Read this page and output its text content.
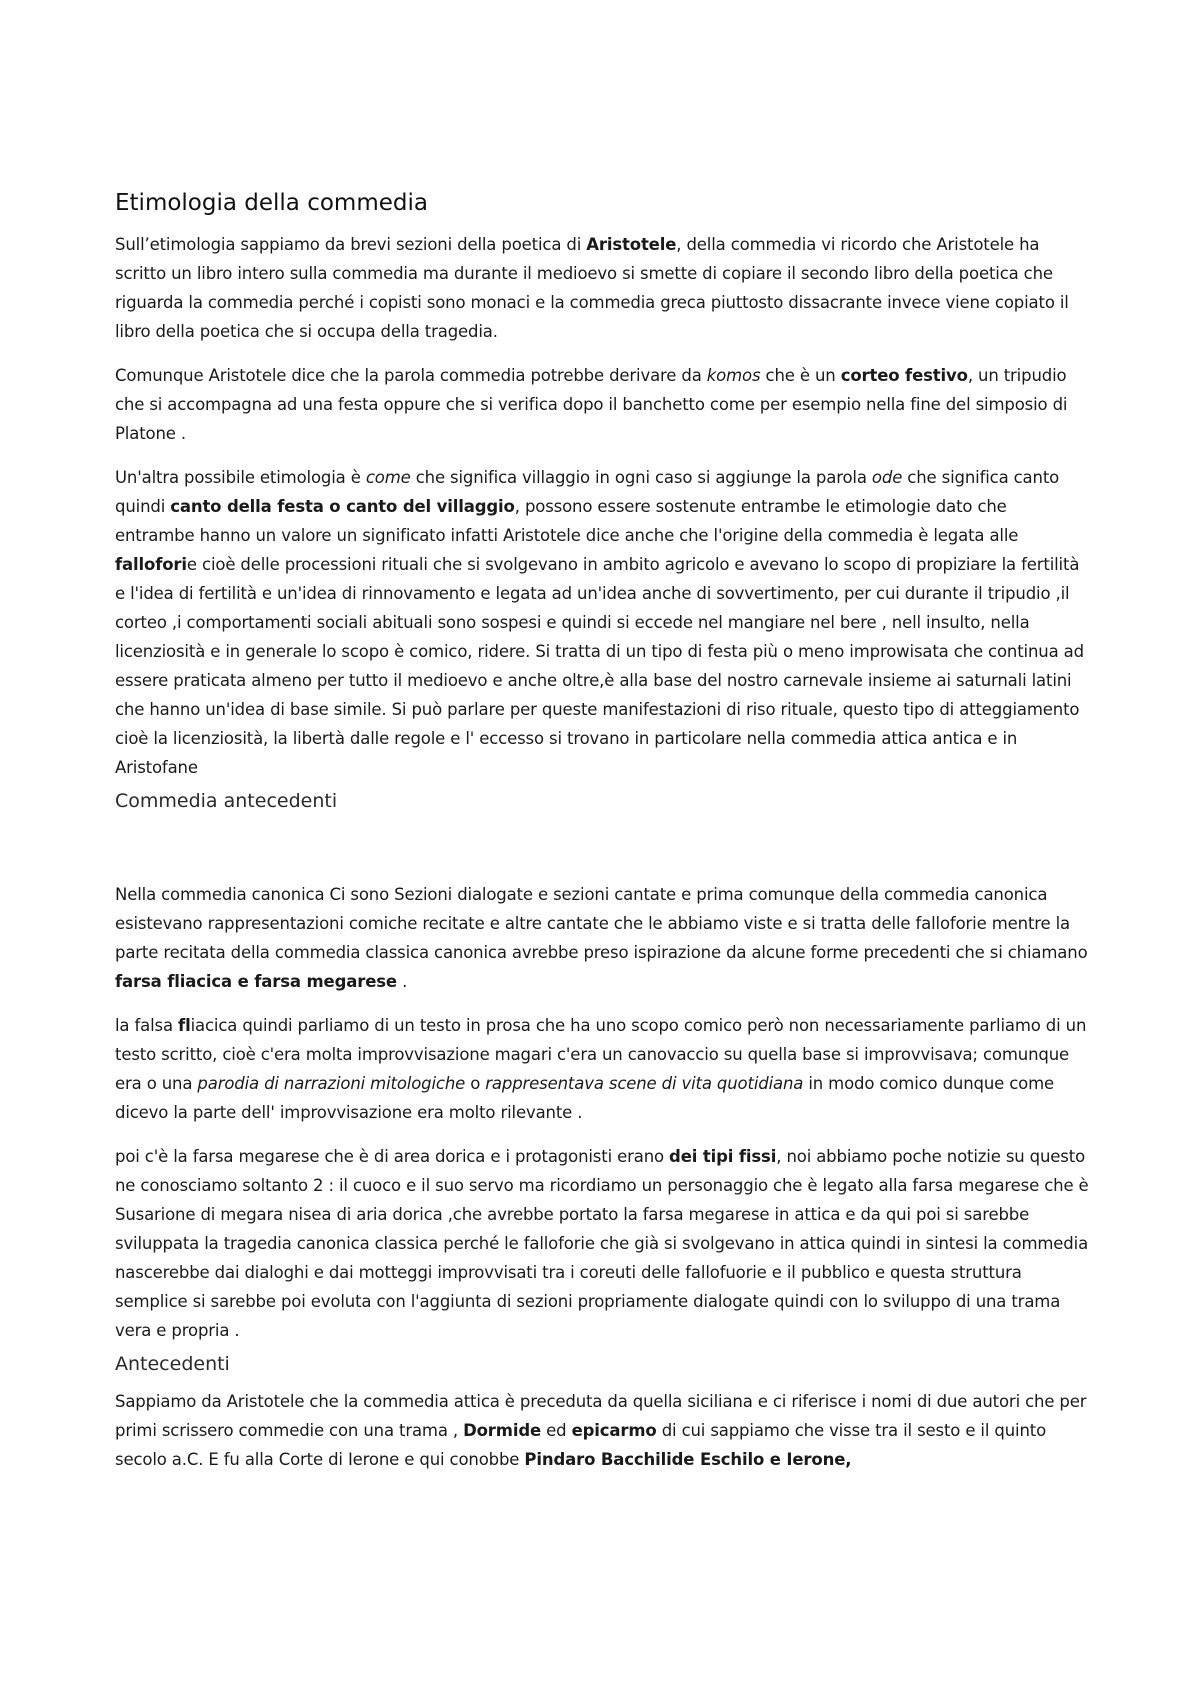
Etimologia della commedia

Sull’etimologia sappiamo da brevi sezioni della poetica di Aristotele, della commedia vi ricordo che Aristotele ha scritto un libro intero sulla commedia ma durante il medioevo si smette di copiare il secondo libro della poetica che riguarda la commedia perché i copisti sono monaci e la commedia greca piuttosto dissacrante invece viene copiato il libro della poetica che si occupa della tragedia.

Comunque Aristotele dice che la parola commedia potrebbe derivare da komos che è un corteo festivo, un tripudio che si accompagna ad una festa oppure che si verifica dopo il banchetto come per esempio nella fine del simposio di Platone .

Un'altra possibile etimologia è come che significa villaggio in ogni caso si aggiunge la parola ode che significa canto quindi canto della festa o canto del villaggio, possono essere sostenute entrambe le etimologie dato che entrambe hanno un valore un significato infatti Aristotele dice anche che l'origine della commedia è legata alle falloforie cioè delle processioni rituali che si svolgevano in ambito agricolo e avevano lo scopo di propiziare la fertilità e l'idea di fertilità e un'idea di rinnovamento e legata ad un'idea anche di sovvertimento, per cui durante il tripudio ,il corteo ,i comportamenti sociali abituali sono sospesi e quindi si eccede nel mangiare nel bere , nell insulto, nella licenziosità e in generale lo scopo è comico, ridere. Si tratta di un tipo di festa più o meno improwisata che continua ad essere praticata almeno per tutto il medioevo e anche oltre,è alla base del nostro carnevale insieme ai saturnali latini che hanno un'idea di base simile. Si può parlare per queste manifestazioni di riso rituale, questo tipo di atteggiamento cioè la licenziosità, la libertà dalle regole e l' eccesso si trovano in particolare nella commedia attica antica e in Aristofane

Commedia antecedenti

Nella commedia canonica Ci sono Sezioni dialogate e sezioni cantate e prima comunque della commedia canonica esistevano rappresentazioni comiche recitate e altre cantate che le abbiamo viste e si tratta delle falloforie mentre la parte recitata della commedia classica canonica avrebbe preso ispirazione da alcune forme precedenti che si chiamano farsa fliacica e farsa megarese .

la falsa fliacica quindi parliamo di un testo in prosa che ha uno scopo comico però non necessariamente parliamo di un testo scritto, cioè c'era molta improvvisazione magari c'era un canovaccio su quella base si improvvisava; comunque era o una parodia di narrazioni mitologiche o rappresentava scene di vita quotidiana in modo comico dunque come dicevo la parte dell' improvvisazione era molto rilevante .

poi c'è la farsa megarese che è di area dorica e i protagonisti erano dei tipi fissi, noi abbiamo poche notizie su questo ne conosciamo soltanto 2 : il cuoco e il suo servo ma ricordiamo un personaggio che è legato alla farsa megarese che è Susarione di megara nisea di aria dorica ,che avrebbe portato la farsa megarese in attica e da qui poi si sarebbe sviluppata la tragedia canonica classica perché le falloforie che già si svolgevano in attica quindi in sintesi la commedia nascerebbe dai dialoghi e dai motteggi improvvisati tra i coreuti delle fallofuorie e il pubblico e questa struttura semplice si sarebbe poi evoluta con l'aggiunta di sezioni propriamente dialogate quindi con lo sviluppo di una trama vera e propria .

Antecedenti

Sappiamo da Aristotele che la commedia attica è preceduta da quella siciliana e ci riferisce i nomi di due autori che per primi scrissero commedie con una trama , Dormide ed epicarmo di cui sappiamo che visse tra il sesto e il quinto secolo a.C. E fu alla Corte di Ierone e qui conobbe Pindaro Bacchilide Eschilo e Ierone,
